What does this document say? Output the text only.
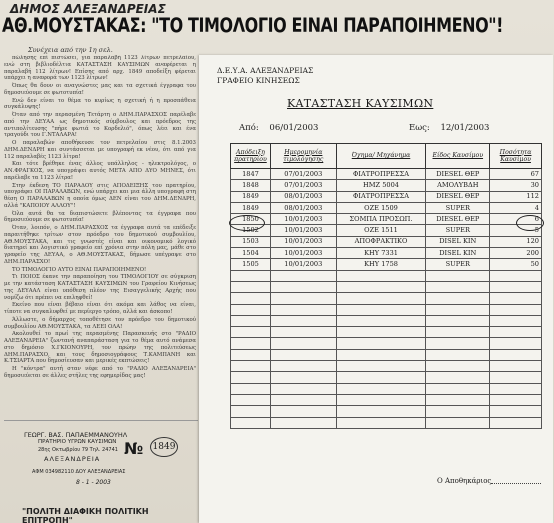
ΔΗΜΟΣ ΑΛΕΞΑΝΔΡΕΙΑΣ
ΑΘ.ΜΟΥΣΤΑΚΑΣ: "ΤΟ ΤΙΜΟΛΟΓΙΟ ΕΙΝΑΙ ΠΑΡΑΠΟΙΗΜΕΝΟ"!
Συνέχεια από την 1η σελ.

πώλησης επί πιστώσει, για παραλαβή 1123 λίτρων πετρελαίου, ενώ στη βιβλιοδέλτια ΚΑΤΑΣΤΑΣΗ ΚΑΥΣΙΜΩΝ αναφέρεται η παραλαβή 112 λίτρων! Επίσης από αρχ. 1849 αποδείξη φέρεται υπάρχει η αναφορά των 1123 λίτρων!

Όπως θα δουν οι αναγνώστες μας και τα σχετικά έγγραφα του δημοσιεύουμε σε φωτοτυπία!

Ενώ δεν είναι το θέμα το κυρίως η σχετική ή η προσπάθεια συγκάλυψης!

Όταν από την περασμένη Τετάρτη ο ΔΗΜ.ΠΑΡΑΣΧΟΣ παρέλαβε από την ΔΕΥΑΑ ως δημοτικός σύμβουλος και πρόεδρος της αντιπολίτευσης "πήρε φωτιά το Κορδελιό", όπως λέει και ένα τραγούδι του Γ.ΝΤΑΛΑΡΑ!

Ο παραλαβών αποθήκευσε τον πετρελαίου στις 8.1.2003 ΔΗΜ.ΔΕΝΔΡΗ και συντάσσεται με υπογραφή εκ νέου, ότι από για 112 παραλαβές 1123 λίτρα!

Και τότε βρέθηκε ένας άλλος υπάλληλος - ηλεκτρολόγος, ο ΑΝ.ΦΡΑΓΚΟΣ, να υπογράψει αυτός ΜΕΤΑ ΑΠΟ ΔΥΟ ΜΗΝΕΣ, ότι παρέλαβε τα 1123 λίτρα!

Στην έκδεση ΤΟ ΠΑΡΑΔΟΥ στις ΑΠΟΔΕΙΞΗΣ του πρατηρίου, υπογράφει ΟΙ ΠΑΡΑΛΑΒΩΝ, ενώ υπάρχει και μια άλλη υπογραφή στη θέση Ο ΠΑΡΑΛΑΒΩΝ η οποία όμως ΔΕΝ είναι του ΔΗΜ.ΔΕΝΔΡΗ, αλλά "ΚΑΠΟΙΟΥ ΑΛΛΟΥ"!

Όλα αυτά θα τα διαπιστώσετε βλέποντας τα έγγραφα που δημοσιεύουμε σε φωτοτυπία!

Όταν, λοιπόν, ο ΔΗΜ.ΠΑΡΑΣΧΟΣ τα έγγραφα αυτά τα επέδειξε παραιτήθηκε τρίτων στον πρόεδρο του δημοτικού συμβουλίου, ΑΘ.ΜΟΥΣΤΑΚΑ, και τις γνωστές είναι και οικονομικό λογικό διατηρεί και λογιστικό γραφείο επί χρόνια στην πόλη μας, μάθε στο γραφείο της ΔΕΥΑΑ, ο ΑΘ.ΜΟΥΣΤΑΚΑΣ, δήμωσε υπέγραψε στο ΔΗΜ.ΠΑΡΑΣΧΟ!

ΤΟ ΤΙΜΟΛΟΓΙΟ ΑΥΤΟ ΕΙΝΑΙ ΠΑΡΑΠΟΙΗΜΕΝΟ!

Τι ΠΟΙΟΣ έκανε την παραποίηση του ΤΙΜΟΛΟΓΙΟΥ σε σύγκριση με την κατάσταση ΚΑΤΑΣΤΑΣΗ ΚΑΥΣΙΜΩΝ του Γραφείου Κινήσεως της ΔΕΥΑΑΛ είναι υπόθεση πλέον της Εισαγγελικής Αρχής που νομίζω ότι πρέπει να επιληφθεί!

Εκείνο που είναι βέβαιο είναι ότι ακόμα και λάθος να είναι, τίποτε να συγκαλυφθεί με περίεργο τρόπο, αλλά και άσκοπο!

Άλλωστε, ο δήμαρχος τοποθέτησε τον πρόεδρο του δημοτικού συμβουλίου ΑΘ.ΜΟΥΣΤΑΚΑ, τα ΛΕΕΙ ΟΛΑ!

Ακολουθεί το πρωί της περασμένης Παρασκευής στο "ΡΑΔΙΟ ΑΛΕΞΑΝΔΡΕΙΑ" ζωντανή αναπαράσταση για το θέμα αυτό ανάμεσα στο δημόσιο Χ.ΓΚΙΟΝΟΥΡΗ, τον πρώην της πολιτεύσεως ΔΗΜ.ΠΑΡΑΣΧΟ, και τους δημοσιογράφους Τ.ΚΑΜΠΑΝΗ και Κ.ΤΣΙΑΡΤΑ που δημοσίευσαν και μερικές εκπτώσεις!

Η "κόντρα" αυτή σταν νέφε από το "ΡΑΔΙΟ ΑΛΕΞΑΝΔΡΕΙΑ" δημοσιεύεται σε άλλες στήλες της εφημερίδας μας!

ΓΕΩΡΓ. ΒΑΣ. ΠΑΠΑΕΜΜΑΝΟΥΗΛ
ΠΡΑΤΗΡΙΟ ΥΓΡΩΝ ΚΑΥΣΙΜΩΝ
28ης Οκτωβρίου 79 Τηλ. 24741
ΑΛΕΞΑΝΔΡΕΙΑ
ΑΦΜ 034982110 ΔΟΥ ΑΛΕΞΑΝΔΡΕΙΑΣ
№ 1849
8 - 1 - 2003
"ΠΟΛΙΤΗ ΔΙΑΦΙΚΗ ΠΟΛΙΤΙΚΗ ΕΠΙΤΡΟΠΗ"
Δ.Ε.Υ.Α. ΑΛΕΞΑΝΔΡΕΙΑΣ
ΓΡΑΦΕΙΟ ΚΙΝΗΣΕΩΣ
ΚΑΤΑΣΤΑΣΗ ΚΑΥΣΙΜΩΝ
Από: 06/01/2003	Εως: 12/01/2003
Απόδειξη πρατηρίου	Ημερομηνία τιμολόγησης	Όχημα/ Μηχάνημα	Είδος Καυσίμου	Ποσότητα Καυσίμου
1847	07/01/2003	ΦΙΑΤΡΟΠΡΕΣΣΑ	DIESEL ΘΕΡ	67
1848	07/01/2003	ΗΜΖ 5004	ΑΜΟΛΥΒΔΗ	30
1849	08/01/2003	ΦΙΑΤΡΟΠΡΕΣΣΑ	DIESEL ΘΕΡ	112
1849	08/01/2003	ΟΖΕ 1509	SUPER	4
1850	10/01/2003	ΣΟΜΠΑ ΠΡΟΣΩΠ.	DIESEL ΘΕΡ	6
1502	10/01/2003	ΟΖΕ 1511	SUPER	5
1503	10/01/2003	ΑΠΟΦΡΑΚΤΙΚΟ	DISEL KIN	120
1504	10/01/2003	ΚΗΥ 7331	DISEL KIN	200
1505	10/01/2003	ΚΗΥ 1758	SUPER	50

Ο Αποθηκάριος
